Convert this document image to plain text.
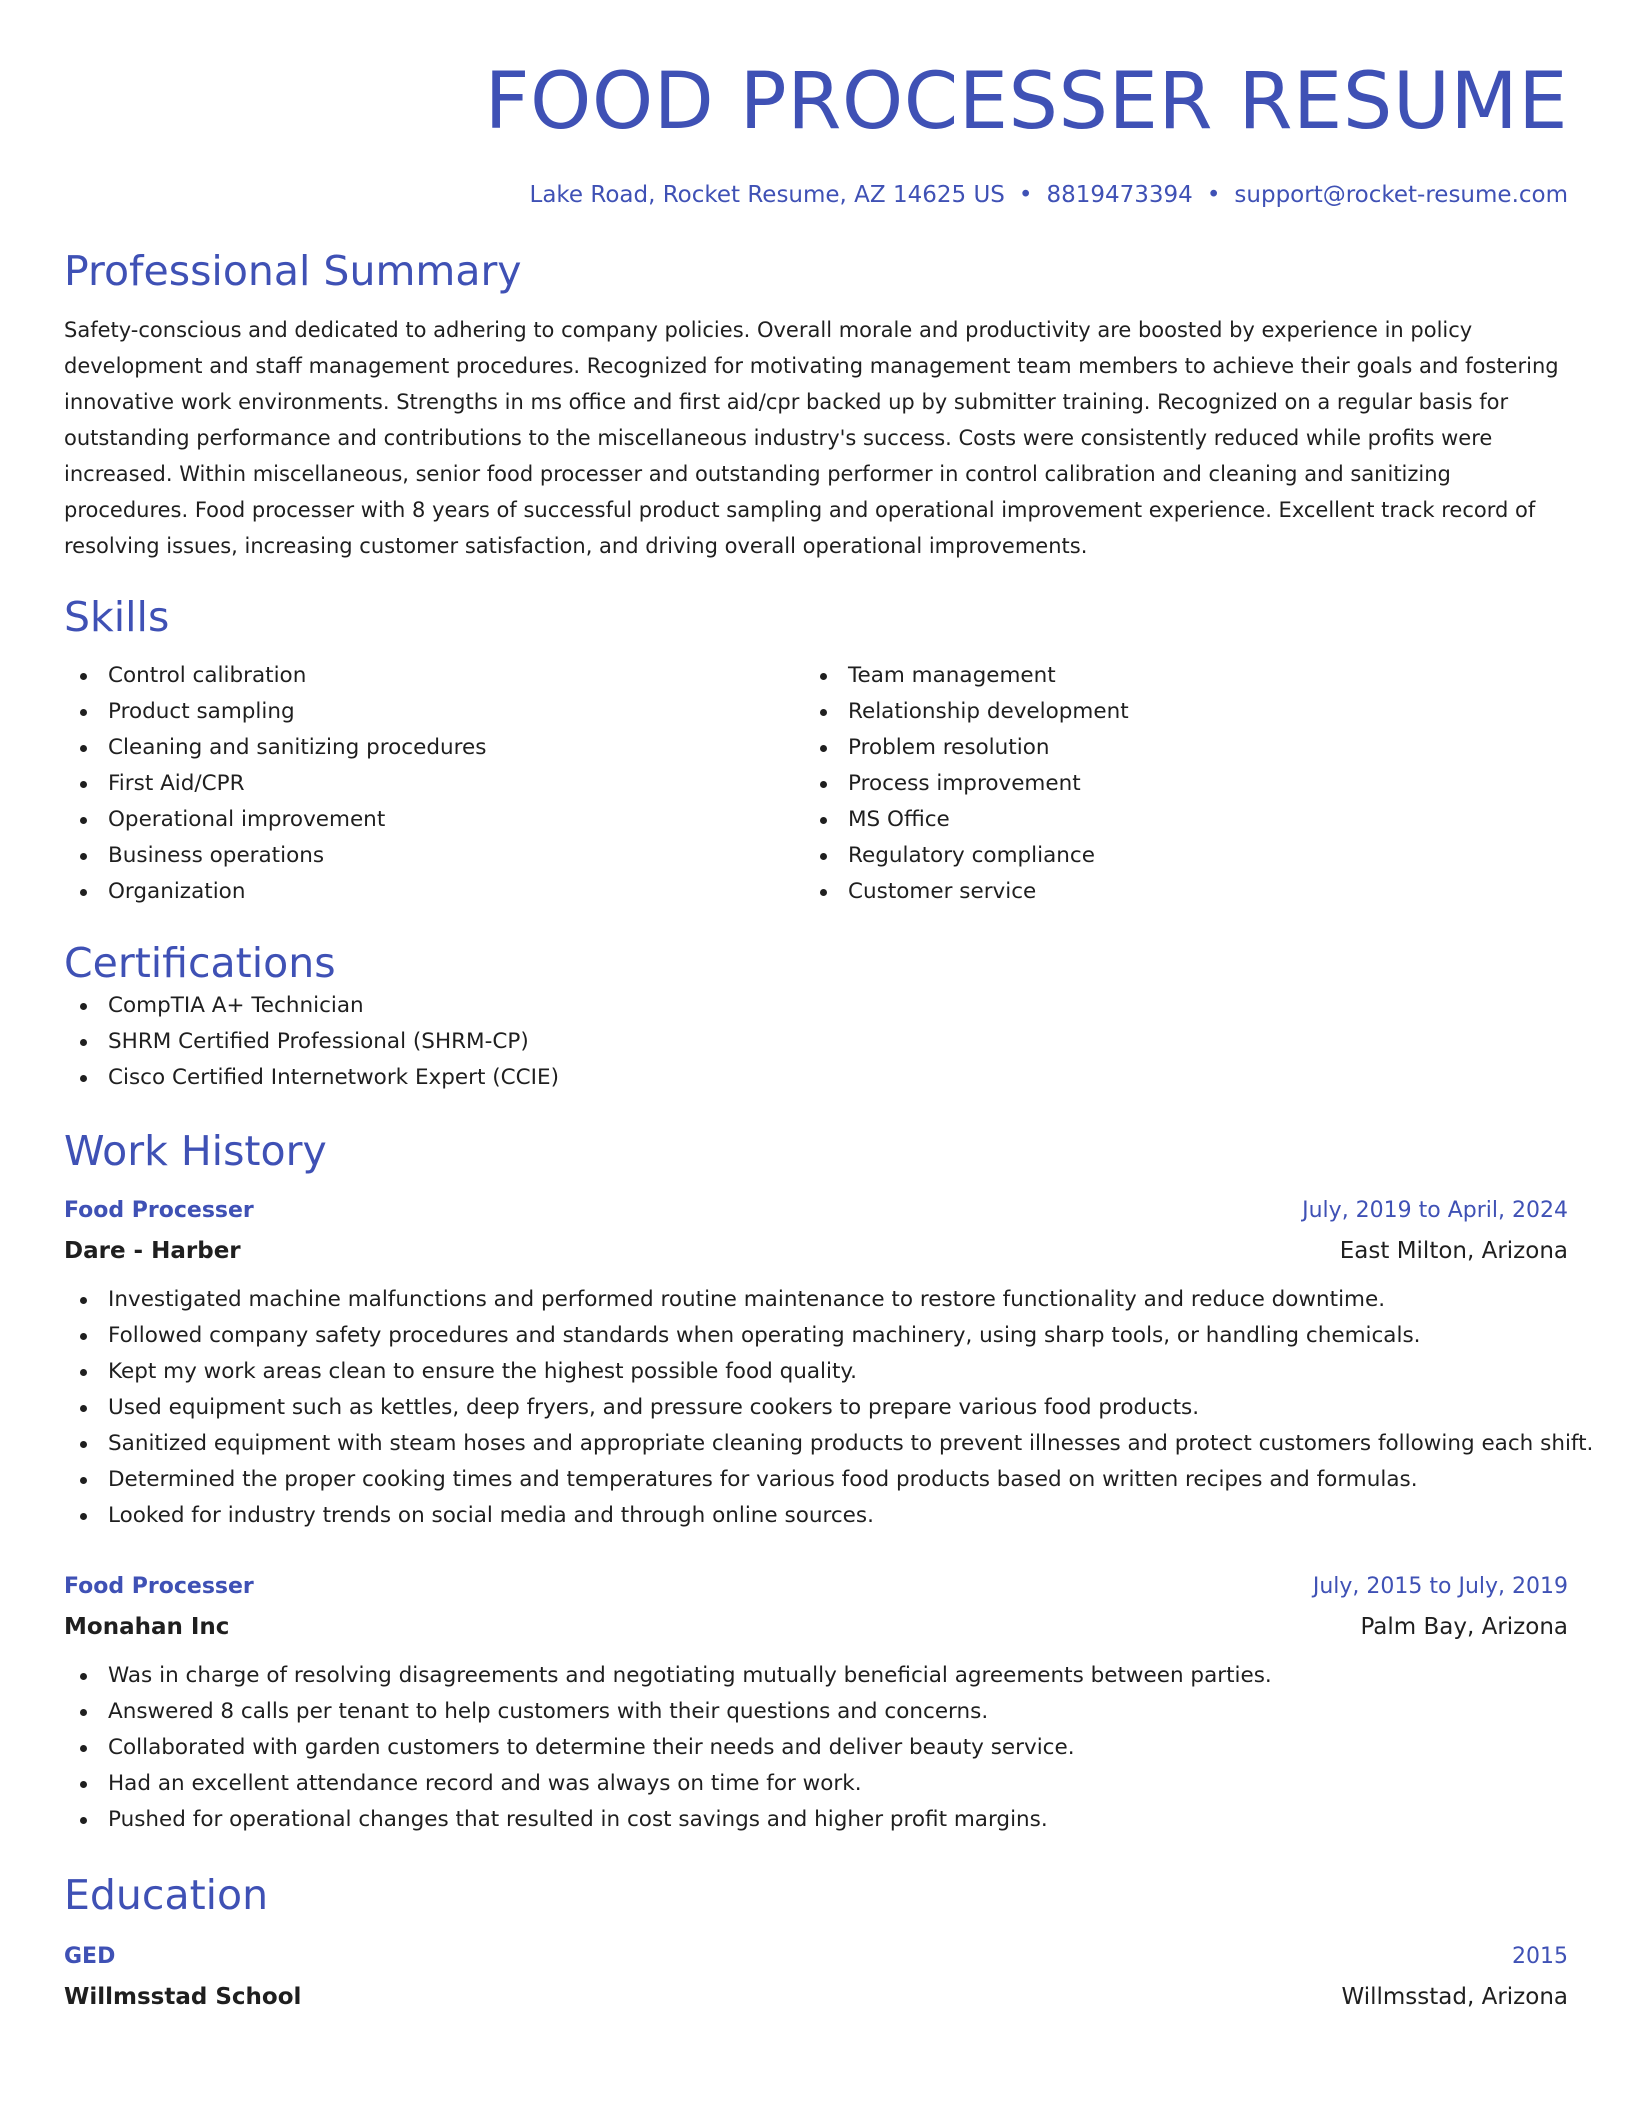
FOOD PROCESSER RESUME
Lake Road, Rocket Resume, AZ 14625 US • 8819473394 • support@rocket-resume.com
Professional Summary

Safety-conscious and dedicated to adhering to company policies. Overall morale and productivity are boosted by experience in policy development and staff management procedures. Recognized for motivating management team members to achieve their goals and fostering innovative work environments. Strengths in ms office and first aid/cpr backed up by submitter training. Recognized on a regular basis for outstanding performance and contributions to the miscellaneous industry's success. Costs were consistently reduced while profits were increased. Within miscellaneous, senior food processer and outstanding performer in control calibration and cleaning and sanitizing procedures. Food processer with 8 years of successful product sampling and operational improvement experience. Excellent track record of resolving issues, increasing customer satisfaction, and driving overall operational improvements.

Skills
Control calibration
Product sampling
Cleaning and sanitizing procedures
First Aid/CPR
Operational improvement
Business operations
Organization
Team management
Relationship development
Problem resolution
Process improvement
MS Office
Regulatory compliance
Customer service
Certifications
CompTIA A+ Technician
SHRM Certified Professional (SHRM-CP)
Cisco Certified Internetwork Expert (CCIE)
Work History
Food Processer	July, 2019 to April, 2024
Dare - Harber	East Milton, Arizona
Investigated machine malfunctions and performed routine maintenance to restore functionality and reduce downtime.
Followed company safety procedures and standards when operating machinery, using sharp tools, or handling chemicals.
Kept my work areas clean to ensure the highest possible food quality.
Used equipment such as kettles, deep fryers, and pressure cookers to prepare various food products.
Sanitized equipment with steam hoses and appropriate cleaning products to prevent illnesses and protect customers following each shift.
Determined the proper cooking times and temperatures for various food products based on written recipes and formulas.
Looked for industry trends on social media and through online sources.
Food Processer	July, 2015 to July, 2019
Monahan Inc	Palm Bay, Arizona
Was in charge of resolving disagreements and negotiating mutually beneficial agreements between parties.
Answered 8 calls per tenant to help customers with their questions and concerns.
Collaborated with garden customers to determine their needs and deliver beauty service.
Had an excellent attendance record and was always on time for work.
Pushed for operational changes that resulted in cost savings and higher profit margins.
Education
GED	2015
Willmsstad School	Willmsstad, Arizona
